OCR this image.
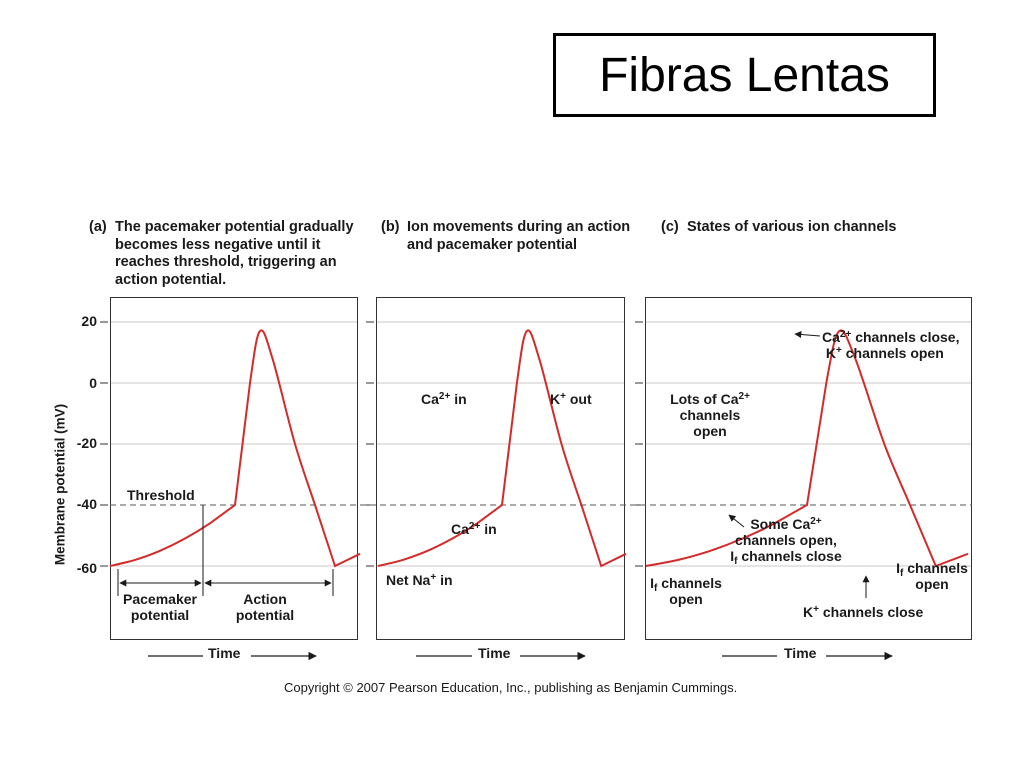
Fibras Lentas
(a) The pacemaker potential gradually
becomes less negative until it
reaches threshold, triggering an
action potential.
(b) Ion movements during an action
and pacemaker potential
(c) States of various ion channels
Membrane potential (mV)
20
0
-20
-40
-60
Threshold
Pacemaker
potential
Action
potential
$Ca^{2+}$ in	K+ out
$Ca^{2+}$ in
Net Na+ in
$Ca^{2+}$ channels close,
K+ channels open
Lots of $Ca^{2+}$
channels
open
Some $Ca^{2+}$
channels open,
$I_f$ channels close
$I_f$ channels
open
$I_f$ channels
open
K+ channels close
Time	Time	Time
Copyright © 2007 Pearson Education, Inc., publishing as Benjamin Cummings.
